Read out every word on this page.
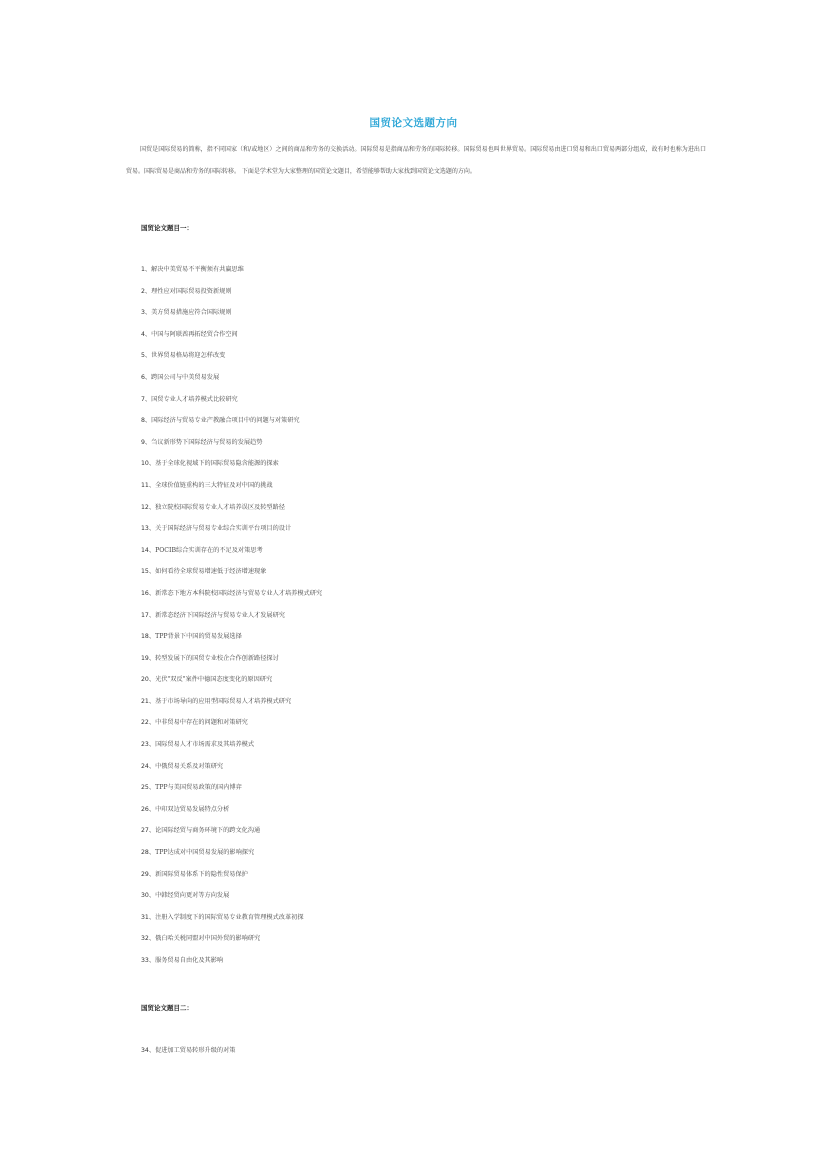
国贸论文选题方向

国贸是国际贸易的简称，指不同国家（和/或地区）之间的商品和劳务的交换活动。国际贸易是指商品和劳务的国际转移。国际贸易也叫世界贸易。国际贸易由进口贸易和出口贸易两部分组成，故有时也称为进出口贸易。国际贸易是商品和劳务的国际转移。 下面是学术堂为大家整理的国贸论文题目，希望能够帮助大家找到国贸论文选题的方向。

国贸论文题目一：
1、解决中美贸易不平衡须有共赢思维
2、理性应对国际贸易投资新规则
3、美方贸易措施应符合国际规则
4、中国与阿联酋再拓经贸合作空间
5、世界贸易格局将迎怎样改变
6、跨国公司与中美贸易发展
7、国贸专业人才培养模式比较研究
8、国际经济与贸易专业产教融合项目中的问题与对策研究
9、刍议新形势下国际经济与贸易的发展趋势
10、基于全球化视域下的国际贸易隐含能源的探索
11、全球价值链重构的三大特征及对中国的挑战
12、独立院校国际贸易专业人才培养误区及转型路径
13、关于国际经济与贸易专业综合实训平台项目的设计
14、POCIB综合实训存在的不足及对策思考
15、如何看待全球贸易增速低于经济增速现象
16、新常态下地方本科院校国际经济与贸易专业人才培养模式研究
17、新常态经济下国际经济与贸易专业人才发展研究
18、TPP背景下中国的贸易发展选择
19、转型发展下的国贸专业校企合作创新路径探讨
20、光伏"双反"案件中德国态度变化的原因研究
21、基于市场导向的应用型国际贸易人才培养模式研究
22、中非贸易中存在的问题和对策研究
23、国际贸易人才市场需求及其培养模式
24、中俄贸易关系及对策研究
25、TPP与美国贸易政策的国内博弈
26、中印双边贸易发展特点分析
27、论国际经贸与商务环境下的跨文化沟通
28、TPP达成对中国贸易发展的影响探究
29、新国际贸易体系下的隐性贸易保护
30、中韩经贸向更对等方向发展
31、注册入学制度下的国际贸易专业教育管理模式改革初探
32、俄白哈关税同盟对中国外贸的影响研究
33、服务贸易自由化及其影响
国贸论文题目二：
34、促进加工贸易转形升级的对策
